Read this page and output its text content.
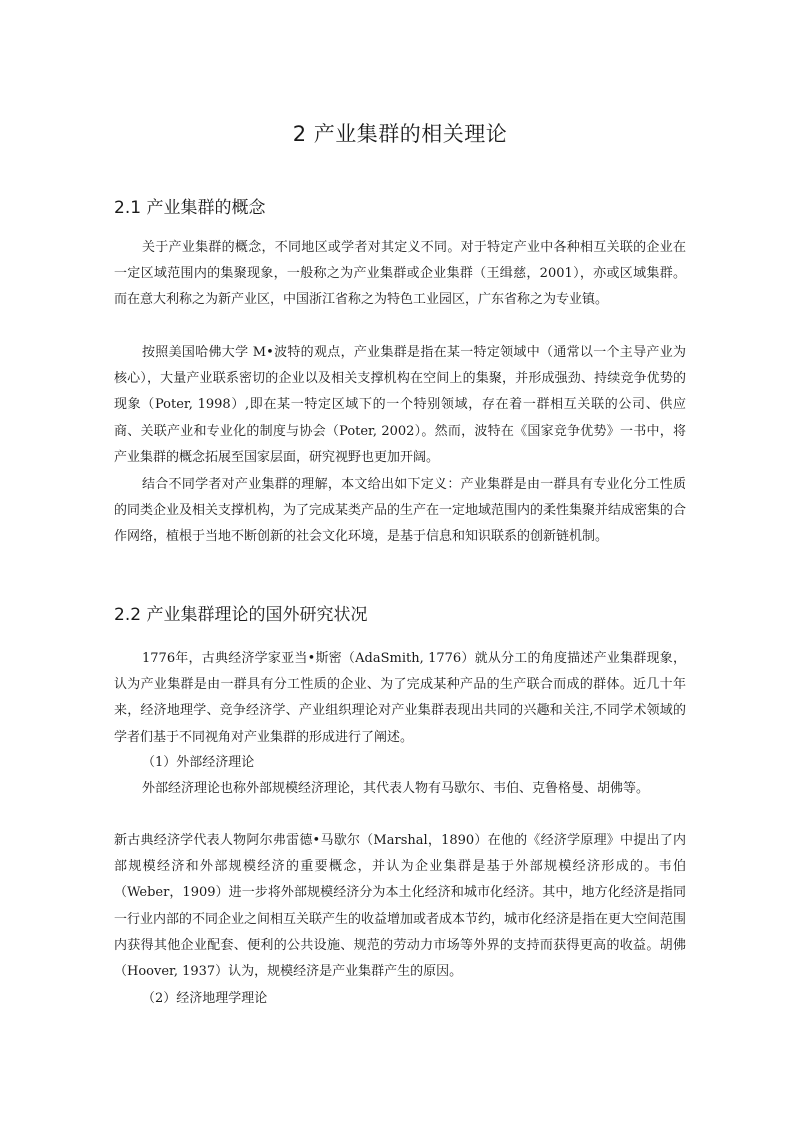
2 产业集群的相关理论
2.1 产业集群的概念

关于产业集群的概念，不同地区或学者对其定义不同。对于特定产业中各种相互关联的企业在一定区域范围内的集聚现象，一般称之为产业集群或企业集群（王缉慈，2001），亦或区域集群。而在意大利称之为新产业区，中国浙江省称之为特色工业园区，广东省称之为专业镇。

按照美国哈佛大学 M•波特的观点，产业集群是指在某一特定领域中（通常以一个主导产业为核心），大量产业联系密切的企业以及相关支撑机构在空间上的集聚，并形成强劲、持续竞争优势的现象（Poter, 1998）,即在某一特定区域下的一个特别领域，存在着一群相互关联的公司、供应商、关联产业和专业化的制度与协会（Poter, 2002）。然而，波特在《国家竞争优势》一书中，将产业集群的概念拓展至国家层面，研究视野也更加开阔。

结合不同学者对产业集群的理解，本文给出如下定义：产业集群是由一群具有专业化分工性质的同类企业及相关支撑机构，为了完成某类产品的生产在一定地域范围内的柔性集聚并结成密集的合作网络，植根于当地不断创新的社会文化环境，是基于信息和知识联系的创新链机制。

2.2 产业集群理论的国外研究状况

1776年，古典经济学家亚当•斯密（AdaSmith, 1776）就从分工的角度描述产业集群现象，认为产业集群是由一群具有分工性质的企业、为了完成某种产品的生产联合而成的群体。近几十年来，经济地理学、竞争经济学、产业组织理论对产业集群表现出共同的兴趣和关注,不同学术领域的学者们基于不同视角对产业集群的形成进行了阐述。

（1）外部经济理论

外部经济理论也称外部规模经济理论，其代表人物有马歇尔、韦伯、克鲁格曼、胡佛等。

新古典经济学代表人物阿尔弗雷德•马歇尔（Marshal，1890）在他的《经济学原理》中提出了内部规模经济和外部规模经济的重要概念，并认为企业集群是基于外部规模经济形成的。韦伯（Weber，1909）进一步将外部规模经济分为本土化经济和城市化经济。其中，地方化经济是指同一行业内部的不同企业之间相互关联产生的收益增加或者成本节约，城市化经济是指在更大空间范围内获得其他企业配套、便利的公共设施、规范的劳动力市场等外界的支持而获得更高的收益。胡佛（Hoover, 1937）认为，规模经济是产业集群产生的原因。

（2）经济地理学理论
